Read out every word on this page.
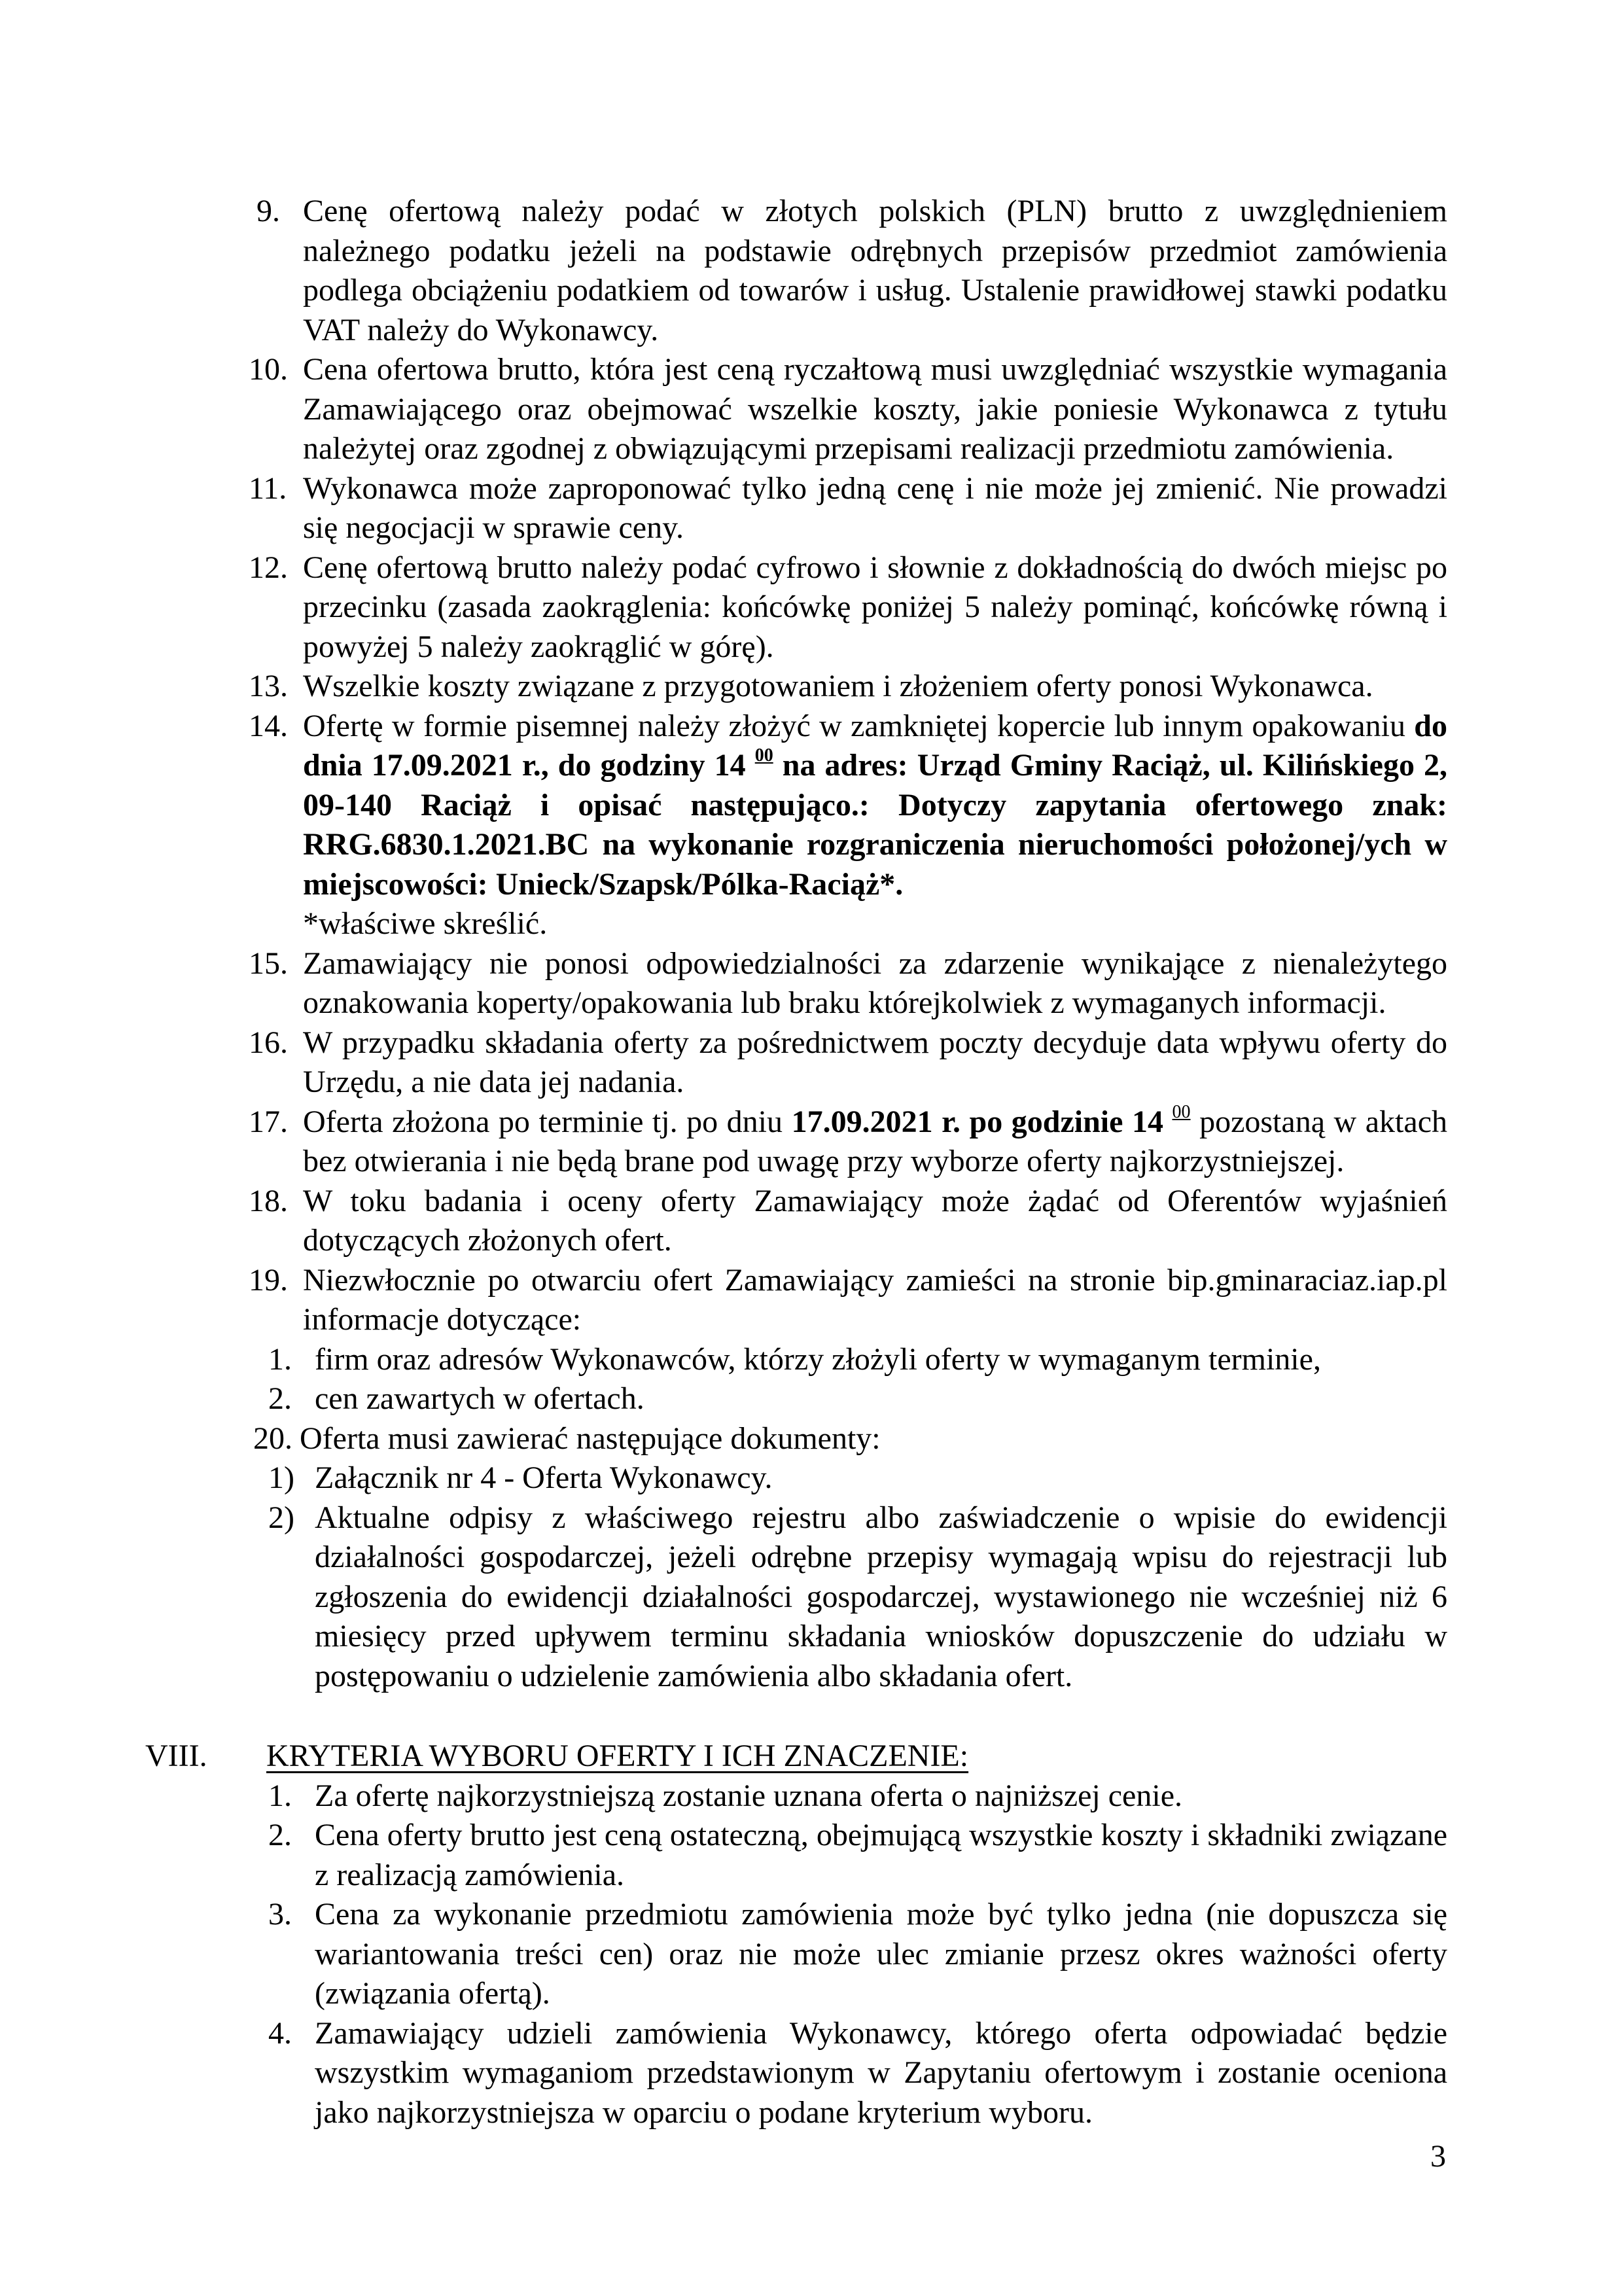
9. Cenę ofertową należy podać w złotych polskich (PLN) brutto z uwzględnieniem należnego podatku jeżeli na podstawie odrębnych przepisów przedmiot zamówienia podlega obciążeniu podatkiem od towarów i usług. Ustalenie prawidłowej stawki podatku VAT należy do Wykonawcy.
10. Cena ofertowa brutto, która jest ceną ryczałtową musi uwzględniać wszystkie wymagania Zamawiającego oraz obejmować wszelkie koszty, jakie poniesie Wykonawca z tytułu należytej oraz zgodnej z obwiązującymi przepisami realizacji przedmiotu zamówienia.
11. Wykonawca może zaproponować tylko jedną cenę i nie może jej zmienić. Nie prowadzi się negocjacji w sprawie ceny.
12. Cenę ofertową brutto należy podać cyfrowo i słownie z dokładnością do dwóch miejsc po przecinku (zasada zaokrąglenia: końcówkę poniżej 5 należy pominąć, końcówkę równą i powyżej 5 należy zaokrąglić w górę).
13. Wszelkie koszty związane z przygotowaniem i złożeniem oferty ponosi Wykonawca.
14. Ofertę w formie pisemnej należy złożyć w zamkniętej kopercie lub innym opakowaniu do dnia 17.09.2021 r., do godziny 14 $^{00}$ na adres: Urząd Gminy Raciąż, ul. Kilińskiego 2, 09-140 Raciąż i opisać następująco.: Dotyczy zapytania ofertowego znak: RRG.6830.1.2021.BC na wykonanie rozgraniczenia nieruchomości położonej/ych w miejscowości: Unieck/Szapsk/Pólka-Raciąż*.
*właściwe skreślić.
15. Zamawiający nie ponosi odpowiedzialności za zdarzenie wynikające z nienależytego oznakowania koperty/opakowania lub braku którejkolwiek z wymaganych informacji.
16. W przypadku składania oferty za pośrednictwem poczty decyduje data wpływu oferty do Urzędu, a nie data jej nadania.
17. Oferta złożona po terminie tj. po dniu 17.09.2021 r. po godzinie 14 $^{00}$ pozostaną w aktach bez otwierania i nie będą brane pod uwagę przy wyborze oferty najkorzystniejszej.
18. W toku badania i oceny oferty Zamawiający może żądać od Oferentów wyjaśnień dotyczących złożonych ofert.
19. Niezwłocznie po otwarciu ofert Zamawiający zamieści na stronie bip.gminaraciaz.iap.pl informacje dotyczące:
1. firm oraz adresów Wykonawców, którzy złożyli oferty w wymaganym terminie,
2. cen zawartych w ofertach.
20. Oferta musi zawierać następujące dokumenty:
1) Załącznik nr 4 - Oferta Wykonawcy.
2) Aktualne odpisy z właściwego rejestru albo zaświadczenie o wpisie do ewidencji działalności gospodarczej, jeżeli odrębne przepisy wymagają wpisu do rejestracji lub zgłoszenia do ewidencji działalności gospodarczej, wystawionego nie wcześniej niż 6 miesięcy przed upływem terminu składania wniosków dopuszczenie do udziału w postępowaniu o udzielenie zamówienia albo składania ofert.
VIII. KRYTERIA WYBORU OFERTY I ICH ZNACZENIE:
1. Za ofertę najkorzystniejszą zostanie uznana oferta o najniższej cenie.
2. Cena oferty brutto jest ceną ostateczną, obejmującą wszystkie koszty i składniki związane z realizacją zamówienia.
3. Cena za wykonanie przedmiotu zamówienia może być tylko jedna (nie dopuszcza się wariantowania treści cen) oraz nie może ulec zmianie przesz okres ważności oferty (związania ofertą).
4. Zamawiający udzieli zamówienia Wykonawcy, którego oferta odpowiadać będzie wszystkim wymaganiom przedstawionym w Zapytaniu ofertowym i zostanie oceniona jako najkorzystniejsza w oparciu o podane kryterium wyboru.
3
